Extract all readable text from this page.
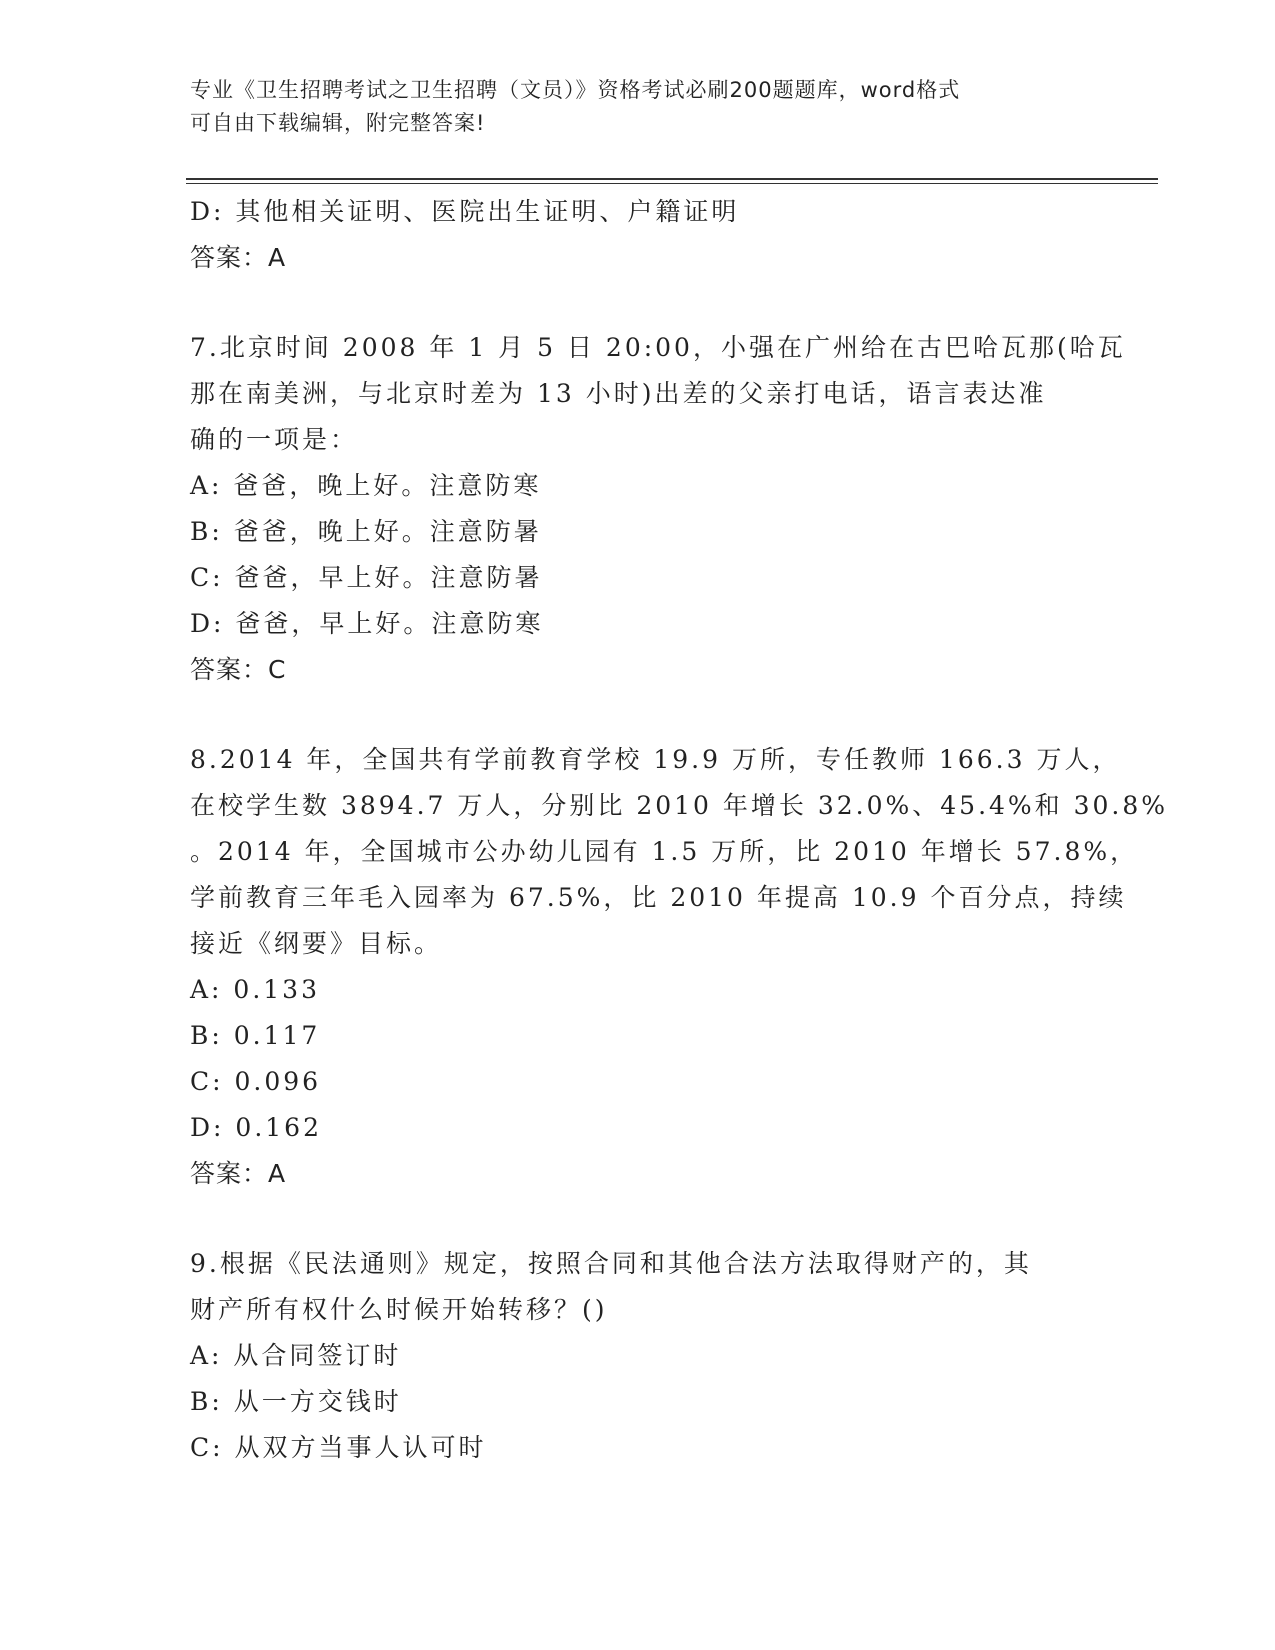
专业《卫生招聘考试之卫生招聘（文员）》资格考试必刷200题题库，word格式
可自由下载编辑，附完整答案!
D: 其他相关证明、医院出生证明、户籍证明
答案：A
7.北京时间 2008 年 1 月 5 日 20:00，小强在广州给在古巴哈瓦那(哈瓦
那在南美洲，与北京时差为 13 小时)出差的父亲打电话，语言表达准
确的一项是：
A: 爸爸，晚上好。注意防寒
B: 爸爸，晚上好。注意防暑
C: 爸爸，早上好。注意防暑
D: 爸爸，早上好。注意防寒
答案：C
8.2014 年，全国共有学前教育学校 19.9 万所，专任教师 166.3 万人，
在校学生数 3894.7 万人，分别比 2010 年增长 32.0%、45.4%和 30.8%
。2014 年，全国城市公办幼儿园有 1.5 万所，比 2010 年增长 57.8%，
学前教育三年毛入园率为 67.5%，比 2010 年提高 10.9 个百分点，持续
接近《纲要》目标。
A: 0.133
B: 0.117
C: 0.096
D: 0.162
答案：A
9.根据《民法通则》规定，按照合同和其他合法方法取得财产的，其
财产所有权什么时候开始转移？()
A: 从合同签订时
B: 从一方交钱时
C: 从双方当事人认可时
